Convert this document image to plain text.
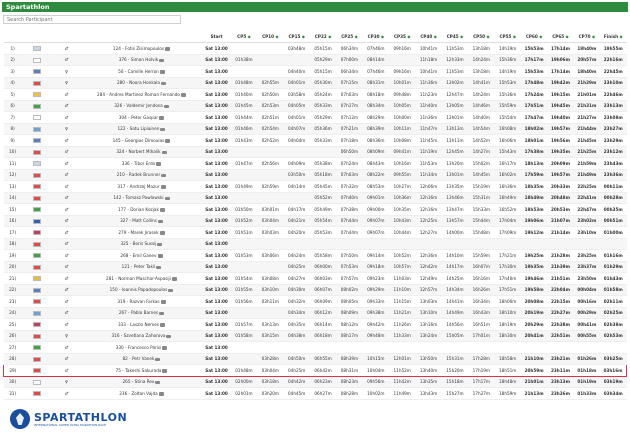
Spartathlon
Search Participant
				Start	CP5 ◆	CP10 ◆	CP15 ◆	CP22 ◆	CP25 ◆	CP30 ◆	CP35 ◆	CP40 ◆	CP45 ◆	CP50 ◆	CP55 ◆	CP60 ◆	CP65 ◆	CP70 ◆	Finish ◆
1)		♂	124 - Fotis Zisimopoulos	Sat 13:00			03h48m	05h15m	06h34m	07h46m	09h16m	10h41m	11h53m	13h18m	14h19m	15h53m	17h14m	18h40m	19h55m
2)		♂	376 - Simon Holvik	Sat 13:00	01h38m			05h29m	07h00m	08h14m		11h18m	12h33m	14h24m	15h36m	17h17m	19h06m	20h57m	22h16m
3)		♀	50 - Camille Herron	Sat 13:00			04h40m	05h15m	06h34m	07h46m	09h16m	10h41m	11h53m	13h18m	14h19m	15h53m	17h14m	18h40m	22h45m
4)		♀	280 - Noora Honkala	Sat 13:00	01h48m	02h55m	04h01m	05h30m	07h15m	08h31m	10h01m	11h36m	13h02m	14h41m	15h53m	17h48m	19h42m	21h29m	23h10m
5)		♂	284 - Andres Martinez Roman Fernando	Sat 13:00	01h40m	02h50m	03h58m	05h24m	07h03m	08h18m	09h48m	11h23m	12h47m	14h24m	15h36m	17h24m	19h15m	21h01m	22h46m
6)		♂	326 - Valdemir Jendosa	Sat 13:00	01h45m	02h53m	04h05m	05h33m	07h17m	08h34m	10h05m	11h40m	13h05m	14h46m	15h59m	17h51m	19h45m	21h31m	23h13m
7)		♂	304 - Peter Gaspar	Sat 13:00	01h44m	02h51m	04h01m	05h29m	07h12m	08h29m	10h00m	11h36m	13h01m	14h40m	15h54m	17h47m	19h40m	21h27m	23h08m
8)		♀	122 - Satu Lipiainen	Sat 13:00	01h46m	02h54m	04h07m	05h36m	07h21m	08h39m	10h11m	11h47m	13h13m	14h54m	16h08m	18h02m	19h57m	21h44m	23h27m
9)		♂	145 - Georgios Dimoulas	Sat 13:00	01h43m	02h52m	04h04m	05h33m	07h18m	08h36m	10h08m	11h45m	13h11m	14h52m	16h06m	18h01m	19h56m	21h45m	23h29m
10)		♂	324 - Norbert Mihalik	Sat 13:00					06h50m	08h09m	09h41m	11h19m	12h45m	14h27m	15h43m	17h38m	19h35m	21h25m	23h12m
11)		♂	336 - Tibor Erdo	Sat 13:00	01h47m	02h56m	04h09m	05h38m	07h24m	08h43m	10h16m	11h53m	13h20m	15h02m	16h17m	18h13m	20h09m	21h59m	23h43m
12)		♂	210 - Radek Brunner	Sat 13:00			03h50m	05h18m	07h03m	08h22m	09h55m	11h34m	13h01m	14h45m	16h02m	17h59m	19h57m	21h49m	23h36m
13)		♂	317 - Andrzej Mazur	Sat 13:00	01h49m	02h59m	04h14m	05h45m	07h32m	08h53m	10h27m	12h06m	13h35m	15h19m	16h36m	18h35m	20h33m	22h25m	00h11m
14)		♂	142 - Tomasz Pawlowski	Sat 13:00				05h52m	07h40m	09h01m	10h36m	12h16m	13h46m	15h31m	16h49m	18h49m	20h48m	22h41m	00h28m
15)		♂	177 - Dorian Kozjak	Sat 13:00	01h50m	03h01m	04h17m	05h49m	07h38m	09h00m	10h35m	12h16m	13h47m	15h33m	16h52m	18h53m	20h53m	22h47m	00h35m
16)		♂	327 - Matt Collins	Sat 13:00	01h52m	03h04m	04h21m	05h54m	07h44m	09h07m	10h43m	12h25m	13h57m	15h44m	17h04m	19h06m	21h07m	23h02m	00h51m
17)		♂	279 - Marek Jirasek	Sat 13:00	01h51m	03h03m	04h20m	05h53m	07h44m	09h07m	10h44m	12h27m	14h00m	15h48m	17h09m	19h12m	21h14m	23h10m	01h00m
18)		♂	325 - Boris Sussij	Sat 13:00															
19)		♂	268 - Emil Ganev	Sat 13:00	01h53m	03h06m	04h24m	05h58m	07h50m	09h14m	10h52m	12h36m	14h10m	15h59m	17h21m	19h25m	21h28m	23h25m	01h16m
20)		♂	121 - Peter Takil	Sat 13:00			04h25m	06h00m	07h53m	09h18m	10h57m	12h42m	14h17m	16h07m	17h30m	19h35m	21h39m	23h37m	01h29m
21)		♂	281 - Norman Maschar-Aspasiji	Sat 13:00	01h54m	03h08m	04h27m	06h03m	07h57m	09h23m	11h03m	12h49m	14h25m	16h16m	17h40m	19h46m	21h51m	23h50m	01h43m
22)		♂	150 - Ioannis Papadopoulos	Sat 13:00	01h55m	03h10m	04h30m	06h07m	08h02m	09h29m	11h10m	12h57m	14h34m	16h26m	17h51m	19h58m	22h04m	00h04m	01h58m
23)		♂	319 - Razvan Farkas	Sat 13:00	01h56m	03h11m	04h32m	06h09m	08h05m	09h33m	11h15m	13h03m	14h41m	16h34m	18h00m	20h08m	22h15m	00h16m	02h11m
24)		♂	267 - Pablo Barnes	Sat 13:00			04h34m	06h12m	08h09m	09h38m	11h21m	13h10m	14h49m	16h43m	18h10m	20h19m	22h27m	00h29m	02h25m
25)		♂	333 - Laszlo Nemes	Sat 13:00	01h57m	03h13m	04h35m	06h14m	08h12m	09h42m	11h26m	13h16m	14h56m	16h51m	18h19m	20h29m	22h38m	00h41m	02h38m
26)		♀	316 - Szvetlana Zahorova	Sat 13:00	01h58m	03h15m	04h38m	06h18m	08h17m	09h48m	11h33m	13h24m	15h05m	17h01m	18h30m	20h41m	22h51m	00h55m	02h53m
27)		♂	330 - Francesco Parisi	Sat 13:00															
28)		♂	82 - Petr Vanek	Sat 13:00		03h28m	04h50m	06h55m	08h39m	10h15m	12h01m	13h50m	15h31m	17h28m	18h58m	21h10m	23h21m	01h26m	03h25m
29)		♂	75 - Takeshi Sakurada	Sat 13:00	01h48m	03h04m	04h25m	06h42m	08h31m	10h04m	11h52m	13h40m	15h20m	17h19m	18h51m	20h59m	23h11m	01h18m	03h16m
30)		♀	265 - Stina Rex	Sat 13:00	02h00m	03h18m	04h42m	06h23m	08h23m	09h56m	11h42m	13h35m	15h18m	17h17m	18h48m	21h01m	23h13m	01h19m	03h19m
31)		♂	236 - Zoltan Vajda	Sat 13:00	02h01m	03h20m	04h45m	06h27m	08h28m	10h02m	11h49m	13h43m	15h27m	17h27m	18h59m	21h13m	23h26m	01h33m	03h34m
SPARTATHLON
INTERNATIONAL SUPER ULTRA MARATHON RACE
